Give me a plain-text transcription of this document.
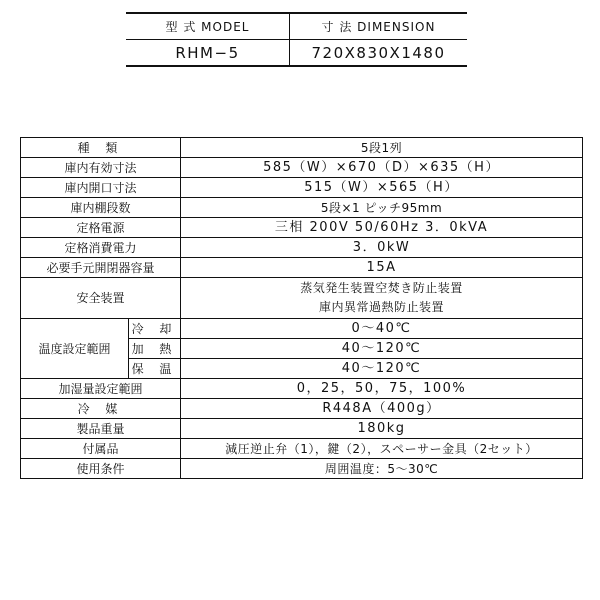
型 式 MODEL	寸 法 DIMENSION
RHM−5	720X830X1480
種 類		5段1列
庫内有効寸法		585（W）×670（D）×635（H）
庫内開口寸法		515（W）×565（H）
庫内棚段数		5段×1 ピッチ95mm
定格電源		三相 200V 50/60Hz 3．0kVA
定格消費電力		3．0kW
必要手元開閉器容量		15A
安全装置		蒸気発生装置空焚き防止装置
庫内異常過熱防止装置

温度設定範囲	冷 却	0～40℃
	加 熱	40～120℃
	保 温	40～120℃
加湿量設定範囲		0，25，50，75，100%
冷 媒		R448A（400g）
製品重量		180kg
付属品		減圧逆止弁（1），鍵（2），スペーサー金具（2セット）
使用条件		周囲温度：5～30℃
